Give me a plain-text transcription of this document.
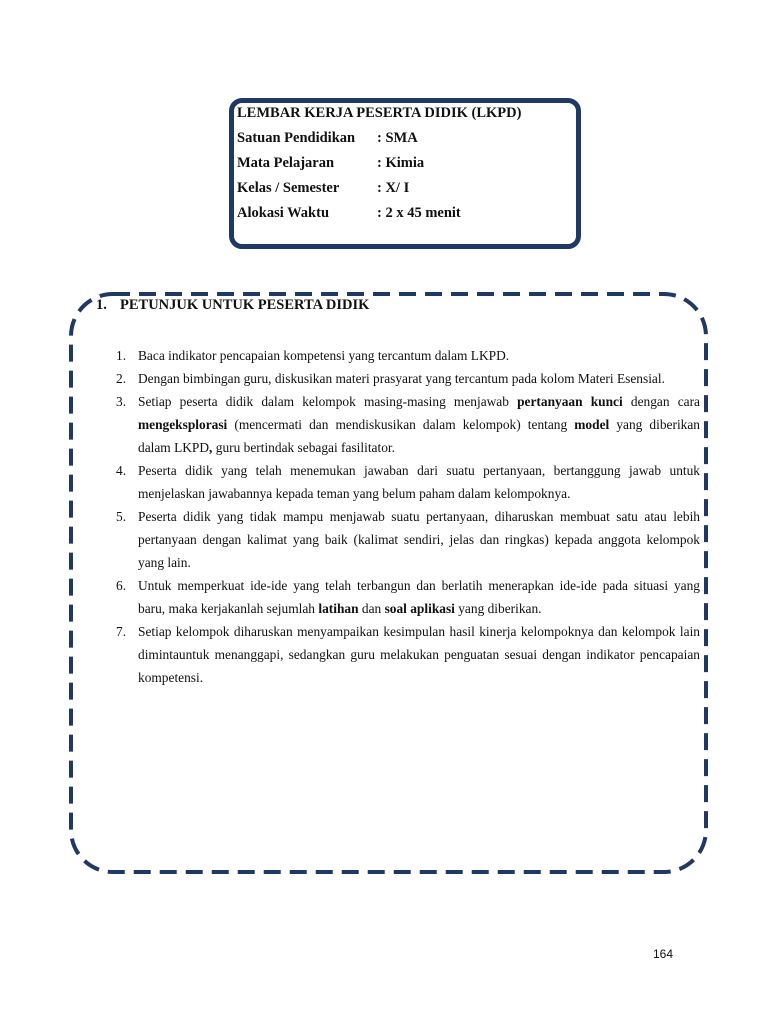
LEMBAR KERJA PESERTA DIDIK (LKPD)
Satuan Pendidikan : SMA
Mata Pelajaran	: Kimia
Kelas / Semester	: X/ I
Alokasi Waktu	: 2 x 45 menit
1. PETUNJUK UNTUK PESERTA DIDIK
1. Baca indikator pencapaian kompetensi yang tercantum dalam LKPD.
2. Dengan bimbingan guru, diskusikan materi prasyarat yang tercantum pada kolom Materi Esensial.
3. Setiap peserta didik dalam kelompok masing-masing menjawab pertanyaan kunci dengan cara mengeksplorasi (mencermati dan mendiskusikan dalam kelompok) tentang model yang diberikan dalam LKPD, guru bertindak sebagai fasilitator.
4. Peserta didik yang telah menemukan jawaban dari suatu pertanyaan, bertanggung jawab untuk menjelaskan jawabannya kepada teman yang belum paham dalam kelompoknya.
5. Peserta didik yang tidak mampu menjawab suatu pertanyaan, diharuskan membuat satu atau lebih pertanyaan dengan kalimat yang baik (kalimat sendiri, jelas dan ringkas) kepada anggota kelompok yang lain.
6. Untuk memperkuat ide-ide yang telah terbangun dan berlatih menerapkan ide-ide pada situasi yang baru, maka kerjakanlah sejumlah latihan dan soal aplikasi yang diberikan.
7. Setiap kelompok diharuskan menyampaikan kesimpulan hasil kinerja kelompoknya dan kelompok lain dimintauntuk menanggapi, sedangkan guru melakukan penguatan sesuai dengan indikator pencapaian kompetensi.
164
